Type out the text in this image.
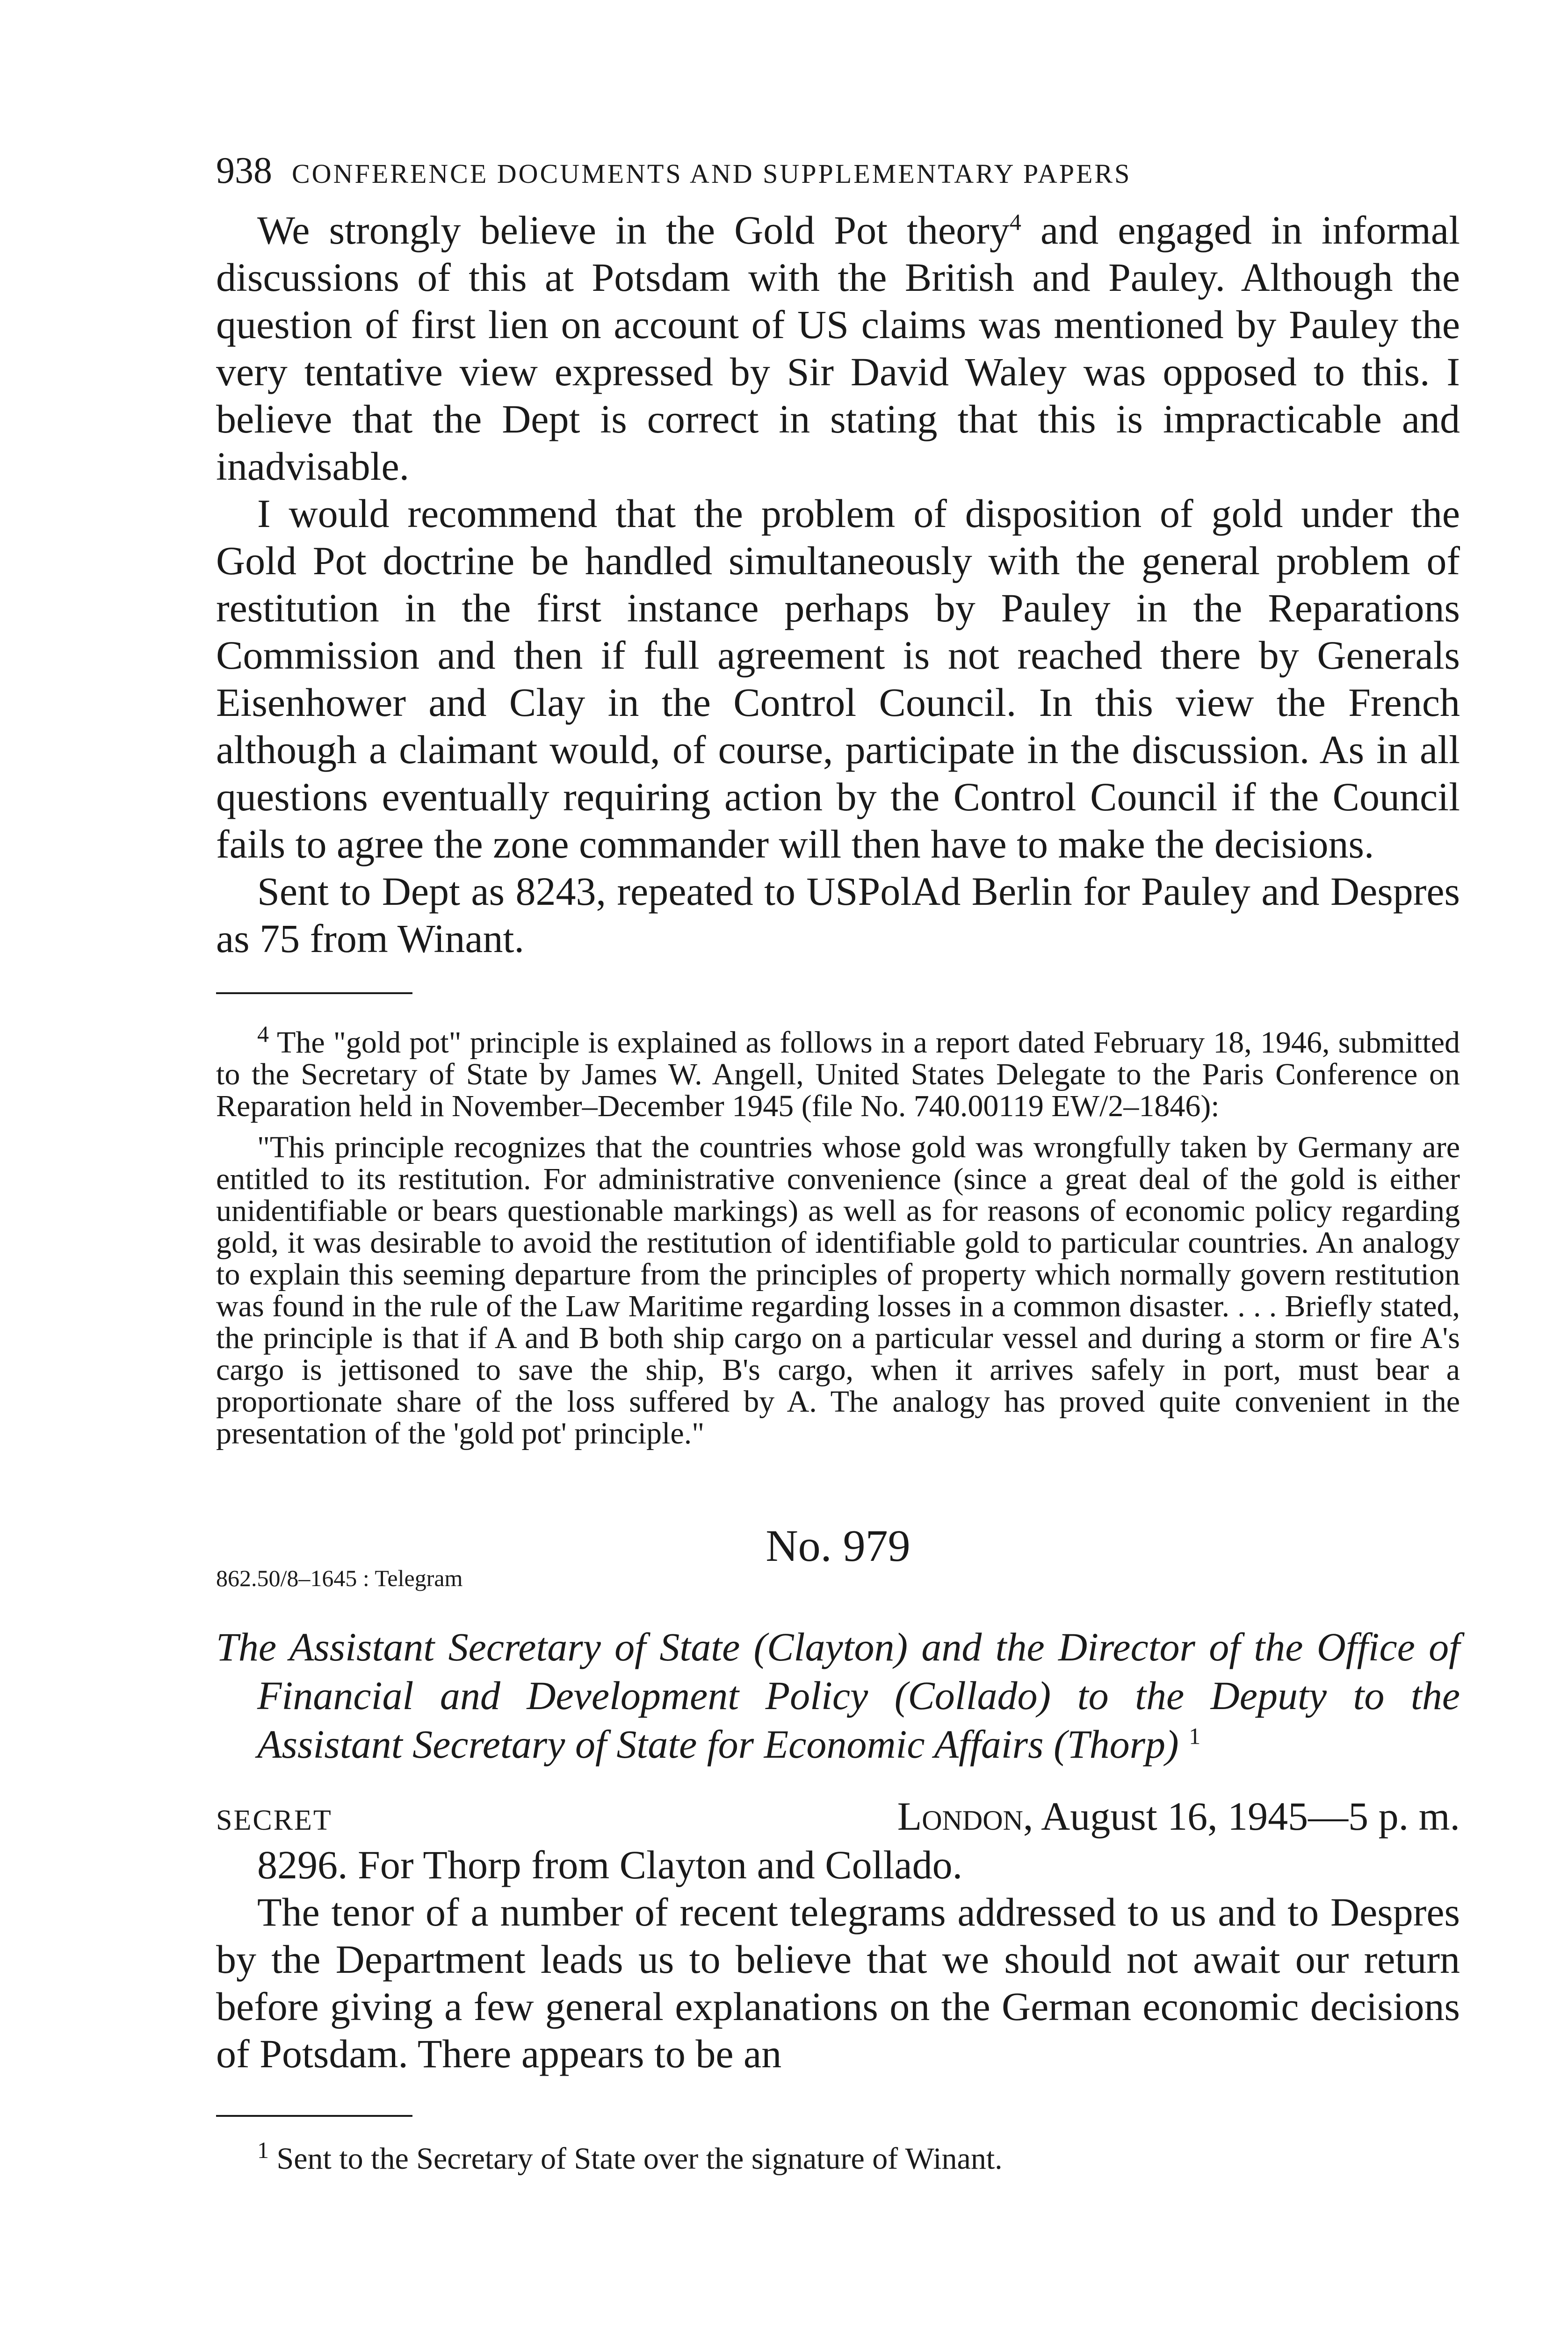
938 CONFERENCE DOCUMENTS AND SUPPLEMENTARY PAPERS

We strongly believe in the Gold Pot theory$^4$ and engaged in informal discussions of this at Potsdam with the British and Pauley. Although the question of first lien on account of US claims was mentioned by Pauley the very tentative view expressed by Sir David Waley was opposed to this. I believe that the Dept is correct in stating that this is impracticable and inadvisable.

I would recommend that the problem of disposition of gold under the Gold Pot doctrine be handled simultaneously with the general problem of restitution in the first instance perhaps by Pauley in the Reparations Commission and then if full agreement is not reached there by Generals Eisenhower and Clay in the Control Council. In this view the French although a claimant would, of course, participate in the discussion. As in all questions eventually requiring action by the Control Council if the Council fails to agree the zone commander will then have to make the decisions.

Sent to Dept as 8243, repeated to USPolAd Berlin for Pauley and Despres as 75 from Winant.

$^4$ The "gold pot" principle is explained as follows in a report dated February 18, 1946, submitted to the Secretary of State by James W. Angell, United States Delegate to the Paris Conference on Reparation held in November–December 1945 (file No. 740.00119 EW/2–1846):

"This principle recognizes that the countries whose gold was wrongfully taken by Germany are entitled to its restitution. For administrative convenience (since a great deal of the gold is either unidentifiable or bears questionable markings) as well as for reasons of economic policy regarding gold, it was desirable to avoid the restitution of identifiable gold to particular countries. An analogy to explain this seeming departure from the principles of property which normally govern restitution was found in the rule of the Law Maritime regarding losses in a common disaster. . . . Briefly stated, the principle is that if A and B both ship cargo on a particular vessel and during a storm or fire A's cargo is jettisoned to save the ship, B's cargo, when it arrives safely in port, must bear a proportionate share of the loss suffered by A. The analogy has proved quite convenient in the presentation of the 'gold pot' principle."

No. 979
862.50/8–1645 : Telegram

The Assistant Secretary of State (Clayton) and the Director of the Office of Financial and Development Policy (Collado) to the Deputy to the Assistant Secretary of State for Economic Affairs (Thorp) $^1$

SECRET	London, August 16, 1945—5 p. m.

8296. For Thorp from Clayton and Collado.

The tenor of a number of recent telegrams addressed to us and to Despres by the Department leads us to believe that we should not await our return before giving a few general explanations on the German economic decisions of Potsdam. There appears to be an

$^1$ Sent to the Secretary of State over the signature of Winant.
